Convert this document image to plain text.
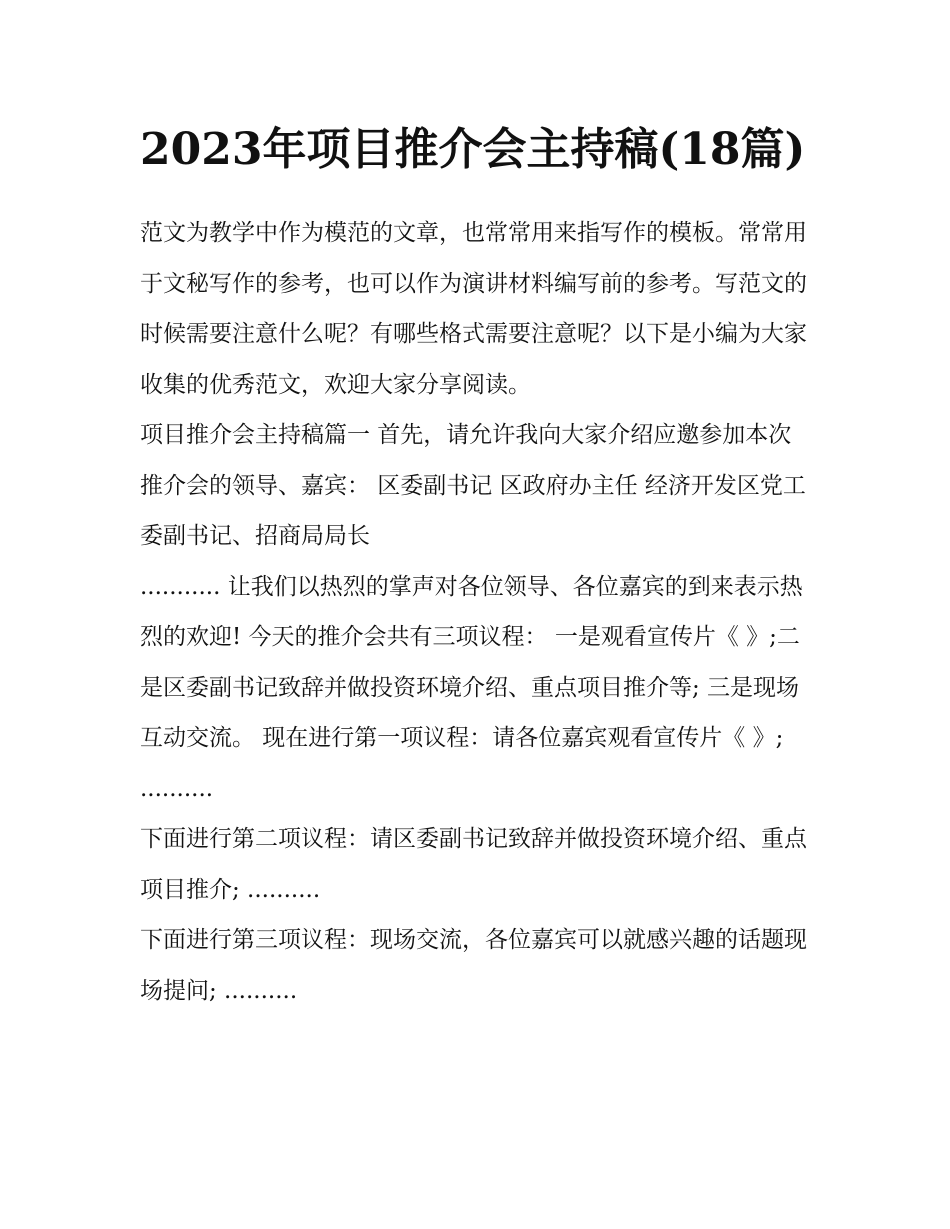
2023年项目推介会主持稿(18篇)

范文为教学中作为模范的文章，也常常用来指写作的模板。常常用于文秘写作的参考，也可以作为演讲材料编写前的参考。写范文的时候需要注意什么呢？有哪些格式需要注意呢？以下是小编为大家收集的优秀范文，欢迎大家分享阅读。

项目推介会主持稿篇一 首先，请允许我向大家介绍应邀参加本次推介会的领导、嘉宾： 区委副书记 区政府办主任 经济开发区党工委副书记、招商局局长

........... 让我们以热烈的掌声对各位领导、各位嘉宾的到来表示热烈的欢迎! 今天的推介会共有三项议程： 一是观看宣传片《 》;二是区委副书记致辞并做投资环境介绍、重点项目推介等; 三是现场互动交流。 现在进行第一项议程：请各位嘉宾观看宣传片《 》; ..........

下面进行第二项议程：请区委副书记致辞并做投资环境介绍、重点项目推介; ..........

下面进行第三项议程：现场交流，各位嘉宾可以就感兴趣的话题现场提问; ..........
